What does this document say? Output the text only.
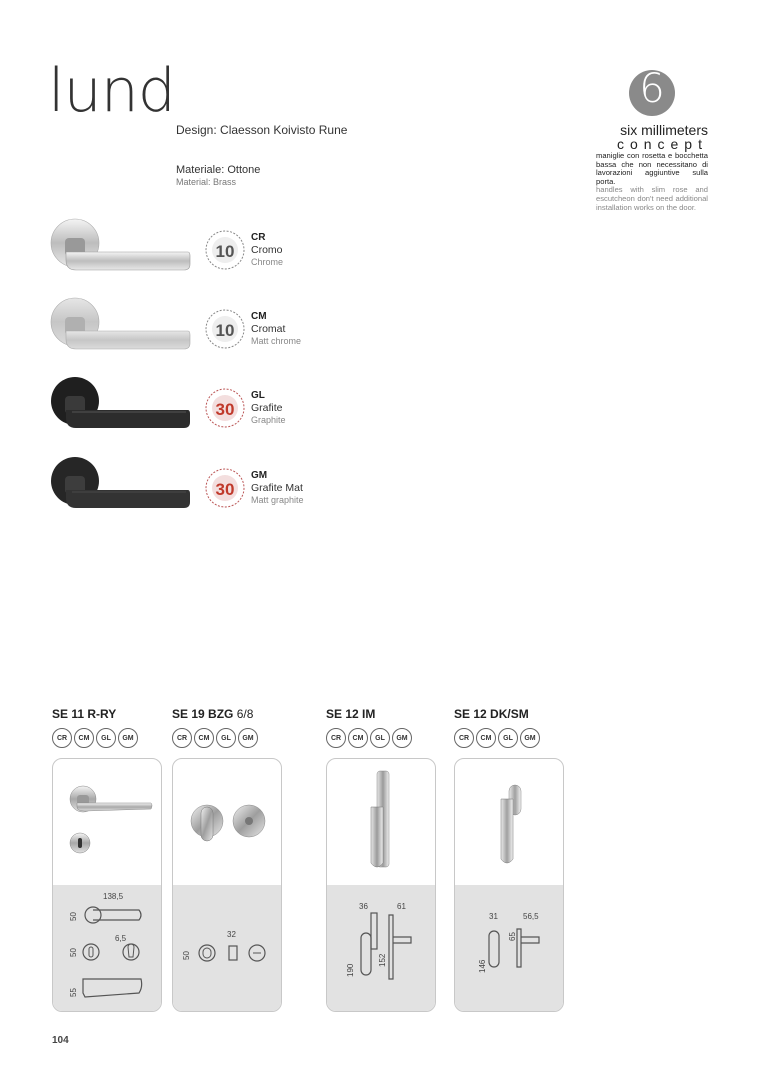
lund
Design: Claesson Koivisto Rune
Materiale: Ottone
Material: Brass
6
six millimeters
concept
maniglie con rosetta e bocchetta bassa che non necessitano di lavorazioni aggiuntive sulla porta.
handles with slim rose and escutcheon don't need additional installation works on the door.
10
CR
Cromo
Chrome
10
CM
Cromat
Matt chrome
30
GL
Grafite
Graphite
30
GM
Grafite Mat
Matt graphite
SE 11 R-RY
CR	CM	GL	GM
138,5
50
50
6,5
55
SE 19 BZG 6/8
CR	CM	GL	GM
32
50
SE 12 IM
CR	CM	GL	GM
36	61
190
152
SE 12 DK/SM
CR	CM	GL	GM
31	56,5
65
146
104
